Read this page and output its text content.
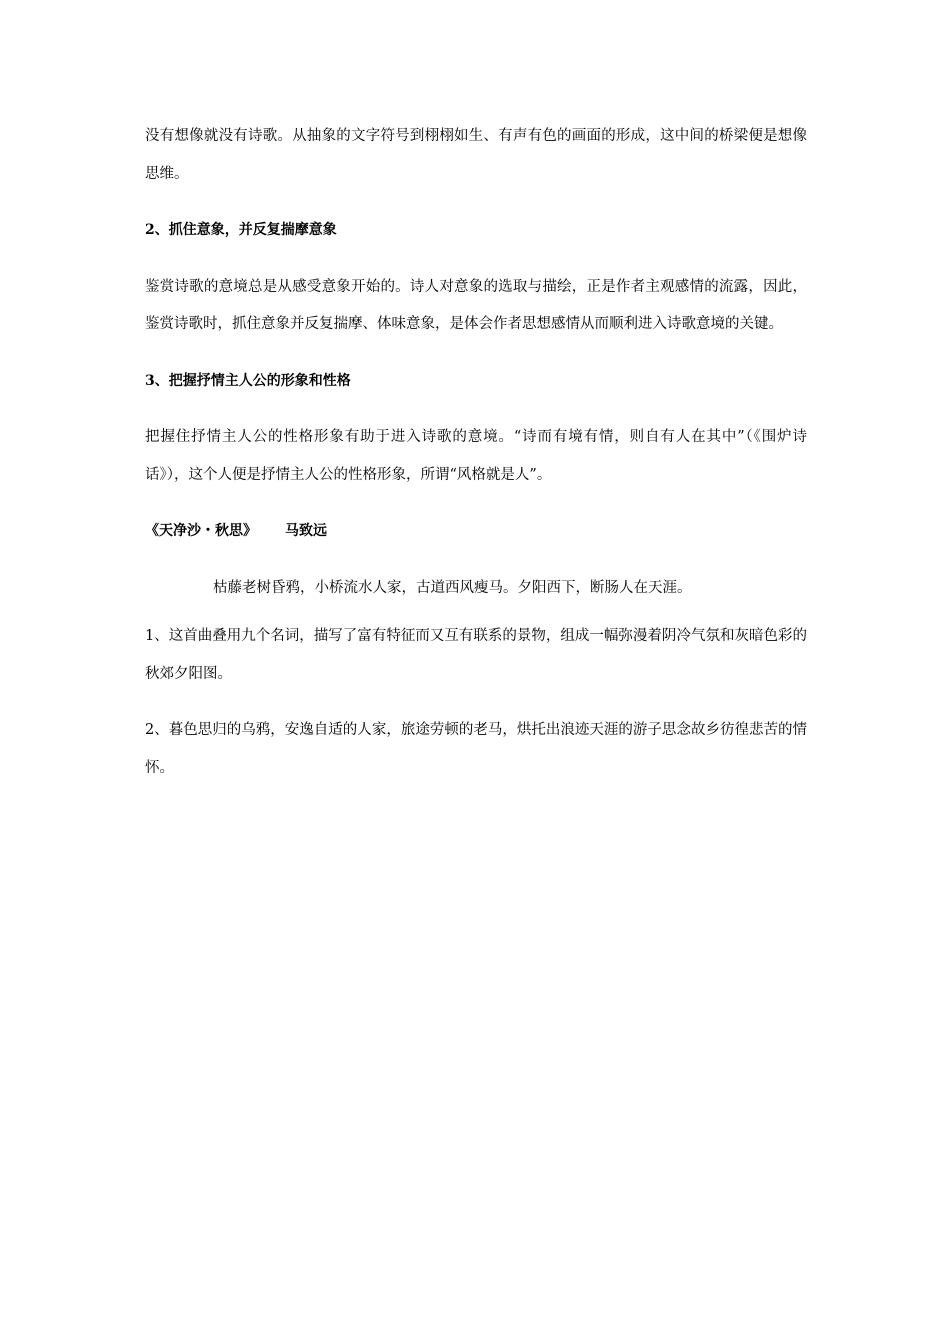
没有想像就没有诗歌。从抽象的文字符号到栩栩如生、有声有色的画面的形成，这中间的桥梁便是想像思维。

2、抓住意象，并反复揣摩意象

鉴赏诗歌的意境总是从感受意象开始的。诗人对意象的选取与描绘，正是作者主观感情的流露，因此，鉴赏诗歌时，抓住意象并反复揣摩、体味意象，是体会作者思想感情从而顺利进入诗歌意境的关键。

3、把握抒情主人公的形象和性格

把握住抒情主人公的性格形象有助于进入诗歌的意境。“诗而有境有情，则自有人在其中”（《围炉诗话》），这个人便是抒情主人公的性格形象，所谓“风格就是人”。

《天净沙・秋思》 马致远

枯藤老树昏鸦，小桥流水人家，古道西风瘦马。夕阳西下，断肠人在天涯。

1、这首曲叠用九个名词，描写了富有特征而又互有联系的景物，组成一幅弥漫着阴冷气氛和灰暗色彩的秋郊夕阳图。

2、暮色思归的乌鸦，安逸自适的人家，旅途劳顿的老马，烘托出浪迹天涯的游子思念故乡彷徨悲苦的情怀。
